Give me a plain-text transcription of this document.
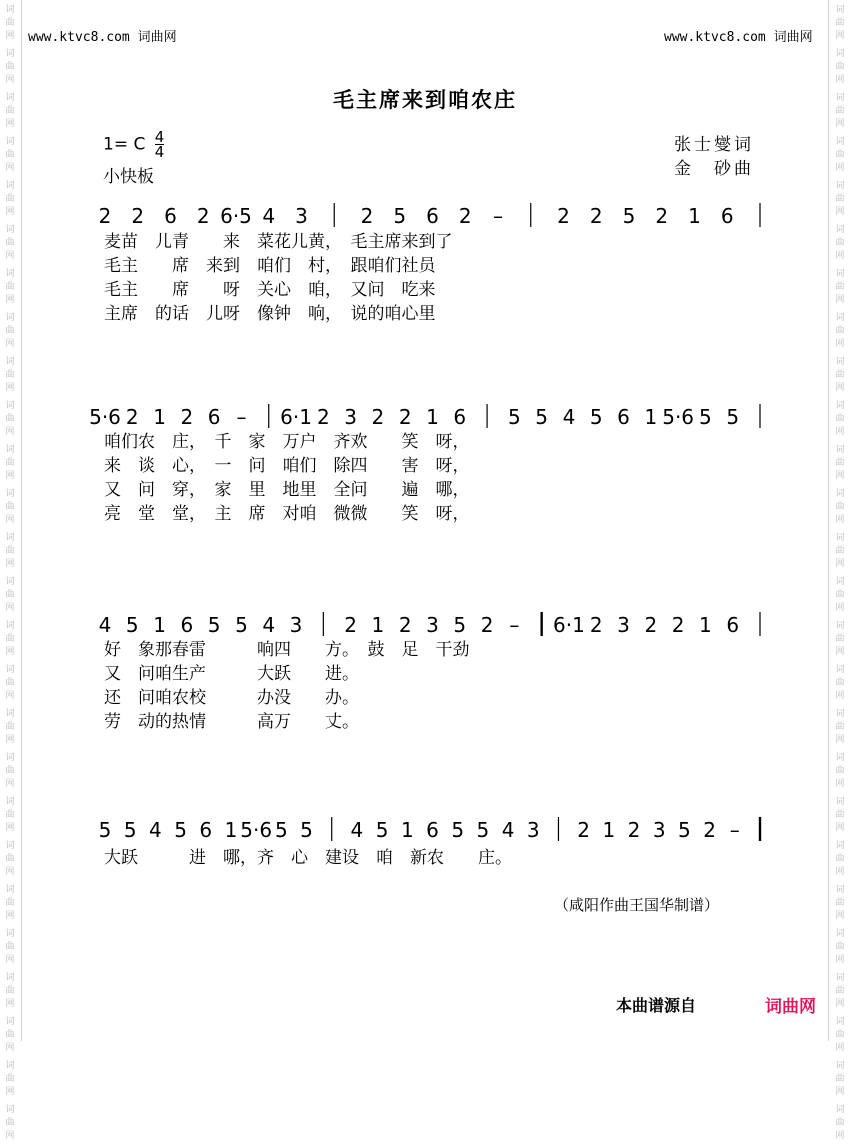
词
曲
网
词
曲
网
词
曲
网
词
曲
网
词
曲
网
词
曲
网
词
曲
网
词
曲
网
词
曲
网
词
曲
网
词
曲
网
词
曲
网
词
曲
网
词
曲
网
词
曲
网
词
曲
网
词
曲
网
词
曲
网
词
曲
网
词
曲
网
词
曲
网
词
曲
网
词
曲
网
词
曲
网
词
曲
网
词
曲
网
词
曲
网
词
曲
网
词
曲
网
词
曲
网
词
曲
网
词
曲
网
词
曲
网
词
曲
网
词
曲
网
词
曲
网
词
曲
网
词
曲
网
词
曲
网
词
曲
网
词
曲
网
词
曲
网
词
曲
网
词
曲
网
词
曲
网
词
曲
网
词
曲
网
词
曲
网
词
曲
网
词
曲
网
词
曲
网
词
曲
网
www.ktvc8.com 词曲网	www.ktvc8.com 词曲网
毛主席来到咱农庄
1= C $\frac{4}{4}$
小快板
张士燮词
金　砂曲
2 2 6 2 6·5 4 3	2 5 6 2 –	2 2 5 2 1 6
5·6 2 1 2 6 – 6·1 2 3 2 2 1 6 5 5 4 5 6 1 5·6 5 5
4 5 1 6 5 5 4 3 2 1 2 3 5 2 – 6·1 2 3 2 2 1 6
5 5 4 5 6 1 5·6 5 5 4 5 1 6 5 5 4 3 2 1 2 3 5 2 –
麦苗　儿青　　来　菜花儿黄，　毛主席来到了
毛主　　席　来到　咱们　村，　跟咱们社员
毛主　　席　　呀　关心　咱，　又问　吃来
主席　的话　儿呀　像钟　响，　说的咱心里
咱们农　庄，　千　家　万户　齐欢　　笑　呀，
来　谈　心，　一　问　咱们　除四　　害　呀，
又　问　穿，　家　里　地里　全问　　遍　哪，
亮　堂　堂，　主　席　对咱　微微　　笑　呀，
好　象那春雷　　　响四　　方。　鼓　足　干劲
又　问咱生产　　　大跃　　进。
还　问咱农校　　　办没　　办。
劳　动的热情　　　高万　　丈。
大跃　　　进　哪，齐　心　建设　咱　新农　　庄。
（咸阳作曲王国华制谱）
本曲谱源自	词曲网
